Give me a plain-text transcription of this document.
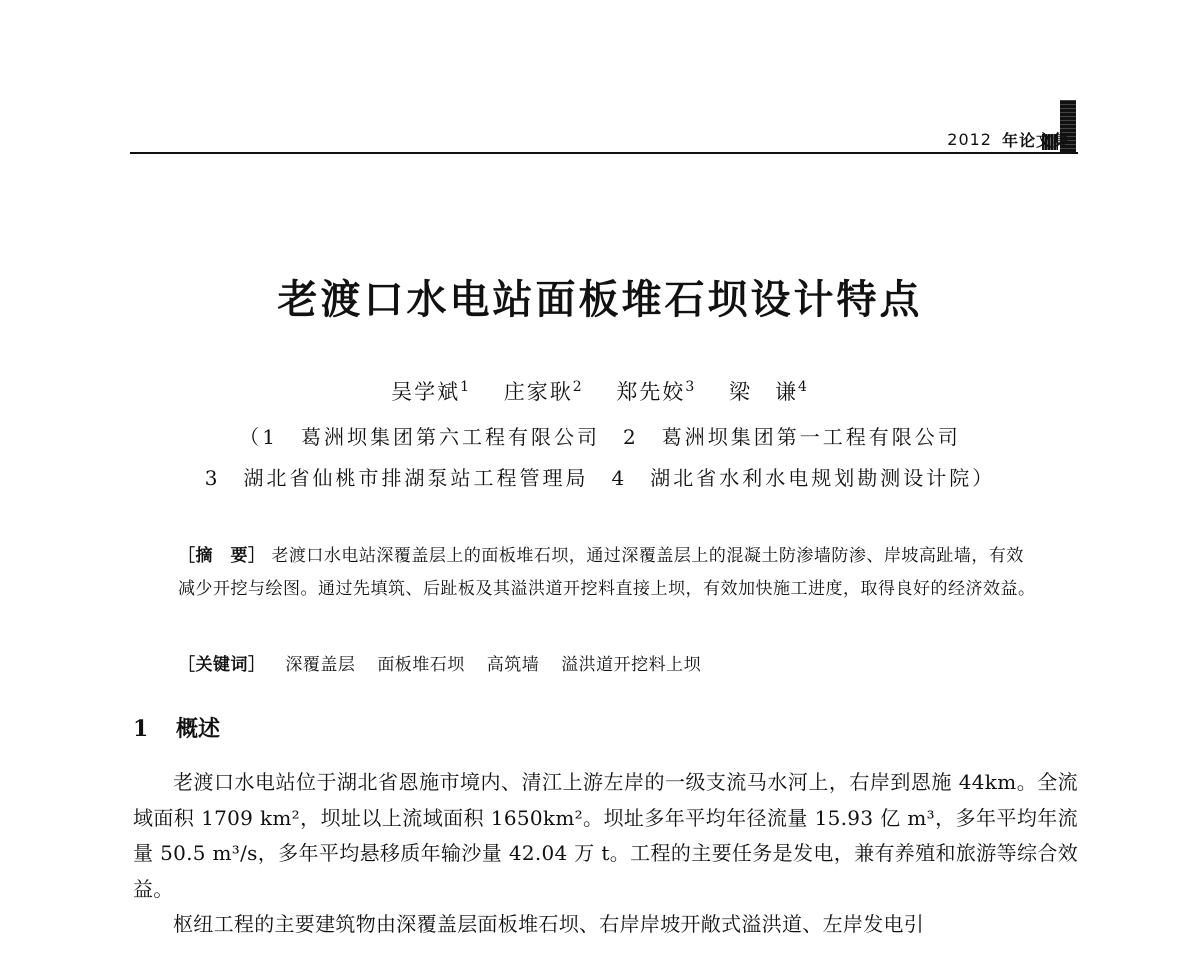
2012 年论文集
老渡口水电站面板堆石坝设计特点
吴学斌$^1$ 庄家耿$^2$ 郑先姣$^3$ 梁　谦$^4$
（1　葛洲坝集团第六工程有限公司　2　葛洲坝集团第一工程有限公司
3　湖北省仙桃市排湖泵站工程管理局　4　湖北省水利水电规划勘测设计院）
［摘　要］ 老渡口水电站深覆盖层上的面板堆石坝，通过深覆盖层上的混凝土防渗墙防渗、岸坡高趾墙，有效减少开挖与绘图。通过先填筑、后趾板及其溢洪道开挖料直接上坝，有效加快施工进度，取得良好的经济效益。
［关键词］ 深覆盖层 面板堆石坝 高筑墙 溢洪道开挖料上坝
1 概述

老渡口水电站位于湖北省恩施市境内、清江上游左岸的一级支流马水河上，右岸到恩施 44km。全流域面积 1709 km²，坝址以上流域面积 1650km²。坝址多年平均年径流量 15.93 亿 m³，多年平均年流量 50.5 m³/s，多年平均悬移质年输沙量 42.04 万 t。工程的主要任务是发电，兼有养殖和旅游等综合效益。

枢纽工程的主要建筑物由深覆盖层面板堆石坝、右岸岸坡开敞式溢洪道、左岸发电引
